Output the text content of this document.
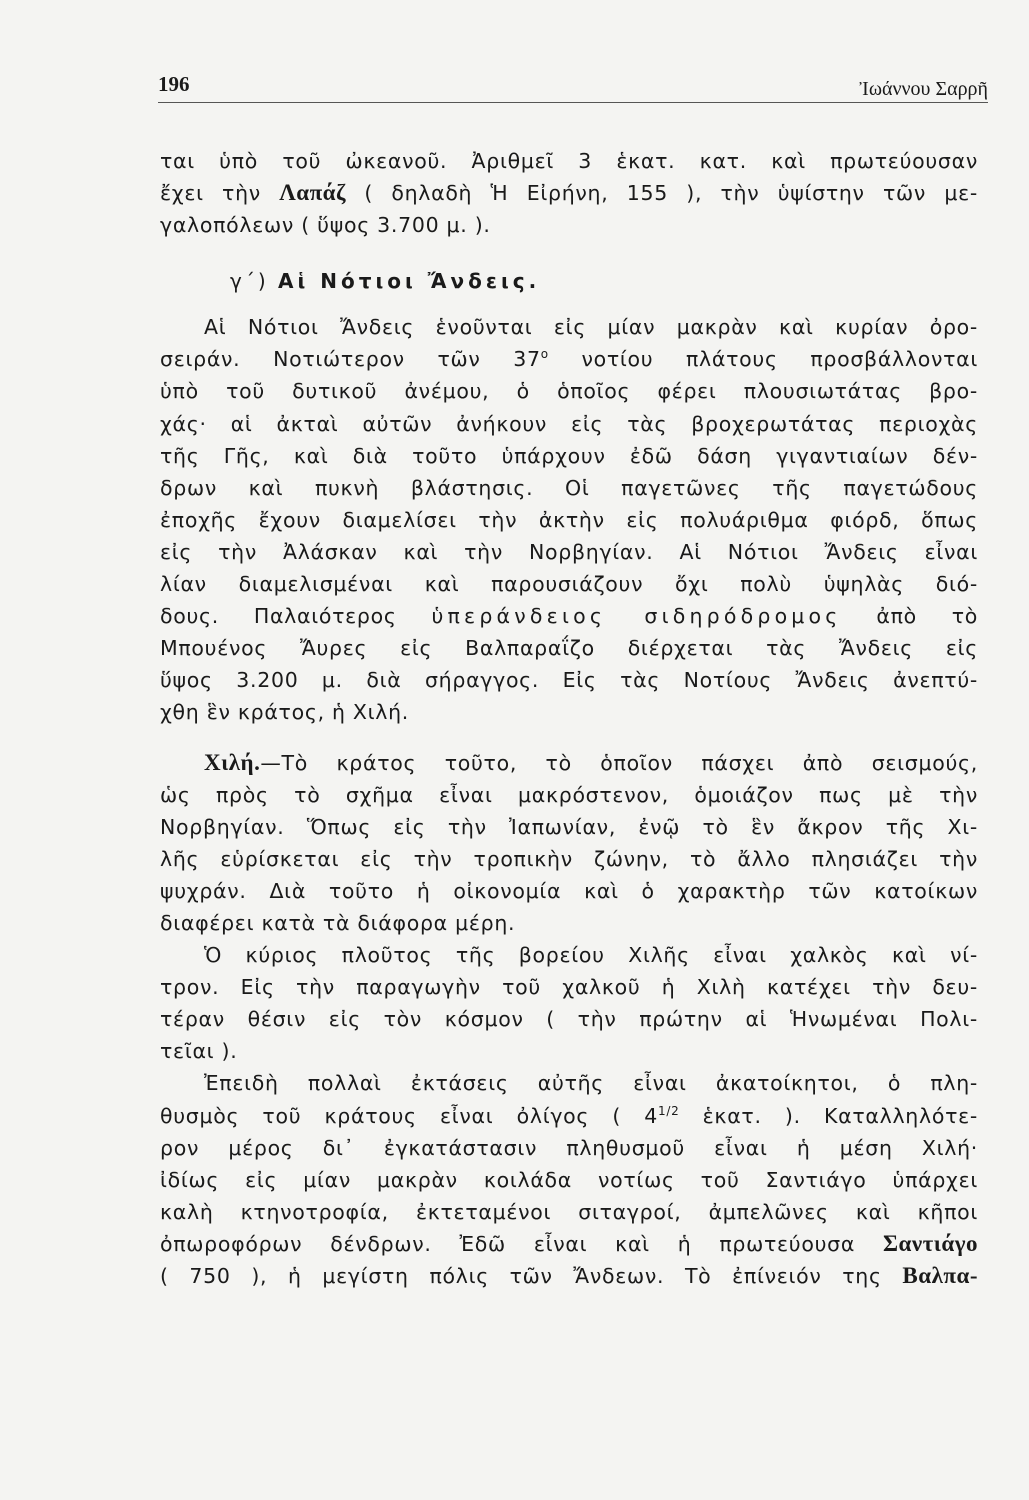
196	Ἰωάννου Σαρρῆ
ται ὑπὸ τοῦ ὠκεανοῦ. Ἀριθμεῖ 3 ἑκατ. κατ. καὶ πρωτεύουσαν
ἔχει τὴν Λαπάζ ( δηλαδὴ Ἡ Εἰρήνη, 155 ), τὴν ὑψίστην τῶν με-
γαλοπόλεων ( ὕψος 3.700 μ. ).
γ΄) Αἱ Νότιοι Ἄνδεις.
Αἱ Νότιοι Ἄνδεις ἑνοῦνται εἰς μίαν μακρὰν καὶ κυρίαν ὀρο-
σειράν. Νοτιώτερον τῶν $37^o$ νοτίου πλάτους προσβάλλονται
ὑπὸ τοῦ δυτικοῦ ἀνέμου, ὁ ὁποῖος φέρει πλουσιωτάτας βρο-
χάς· αἱ ἀκταὶ αὐτῶν ἀνήκουν εἰς τὰς βροχερωτάτας περιοχὰς
τῆς Γῆς, καὶ διὰ τοῦτο ὑπάρχουν ἐδῶ δάση γιγαντιαίων δέν-
δρων καὶ πυκνὴ βλάστησις. Οἱ παγετῶνες τῆς παγετώδους
ἐποχῆς ἔχουν διαμελίσει τὴν ἀκτὴν εἰς πολυάριθμα φιόρδ, ὅπως
εἰς τὴν Ἀλάσκαν καὶ τὴν Νορβηγίαν. Αἱ Νότιοι Ἄνδεις εἶναι
λίαν διαμελισμέναι καὶ παρουσιάζουν ὄχι πολὺ ὑψηλὰς διό-
δους. Παλαιότερος ὑπεράνδειος σιδηρόδρομος ἀπὸ τὸ
Μπουένος Ἄυρες εἰς Βαλπαραΐζο διέρχεται τὰς Ἄνδεις εἰς
ὕψος 3.200 μ. διὰ σήραγγος. Εἰς τὰς Νοτίους Ἄνδεις ἀνεπτύ-
χθη ἓν κράτος, ἡ Χιλή.
Χιλή.—Τὸ κράτος τοῦτο, τὸ ὁποῖον πάσχει ἀπὸ σεισμούς,
ὡς πρὸς τὸ σχῆμα εἶναι μακρόστενον, ὁμοιάζον πως μὲ τὴν
Νορβηγίαν. Ὅπως εἰς τὴν Ἰαπωνίαν, ἐνῷ τὸ ἓν ἄκρον τῆς Χι-
λῆς εὑρίσκεται εἰς τὴν τροπικὴν ζώνην, τὸ ἄλλο πλησιάζει τὴν
ψυχράν. Διὰ τοῦτο ἡ οἰκονομία καὶ ὁ χαρακτὴρ τῶν κατοίκων
διαφέρει κατὰ τὰ διάφορα μέρη.
Ὁ κύριος πλοῦτος τῆς βορείου Χιλῆς εἶναι χαλκὸς καὶ νί-
τρον. Εἰς τὴν παραγωγὴν τοῦ χαλκοῦ ἡ Χιλὴ κατέχει τὴν δευ-
τέραν θέσιν εἰς τὸν κόσμον ( τὴν πρώτην αἱ Ἡνωμέναι Πολι-
τεῖαι ).
Ἐπειδὴ πολλαὶ ἐκτάσεις αὐτῆς εἶναι ἀκατοίκητοι, ὁ πλη-
θυσμὸς τοῦ κράτους εἶναι ὀλίγος ( $4^{1/2}$ ἑκατ. ). Καταλληλότε-
ρον μέρος δι᾽ ἐγκατάστασιν πληθυσμοῦ εἶναι ἡ μέση Χιλή·
ἰδίως εἰς μίαν μακρὰν κοιλάδα νοτίως τοῦ Σαντιάγο ὑπάρχει
καλὴ κτηνοτροφία, ἐκτεταμένοι σιταγροί, ἀμπελῶνες καὶ κῆποι
ὀπωροφόρων δένδρων. Ἐδῶ εἶναι καὶ ἡ πρωτεύουσα Σαντιάγο
( 750 ), ἡ μεγίστη πόλις τῶν Ἄνδεων. Τὸ ἐπίνειόν της Βαλπα-
